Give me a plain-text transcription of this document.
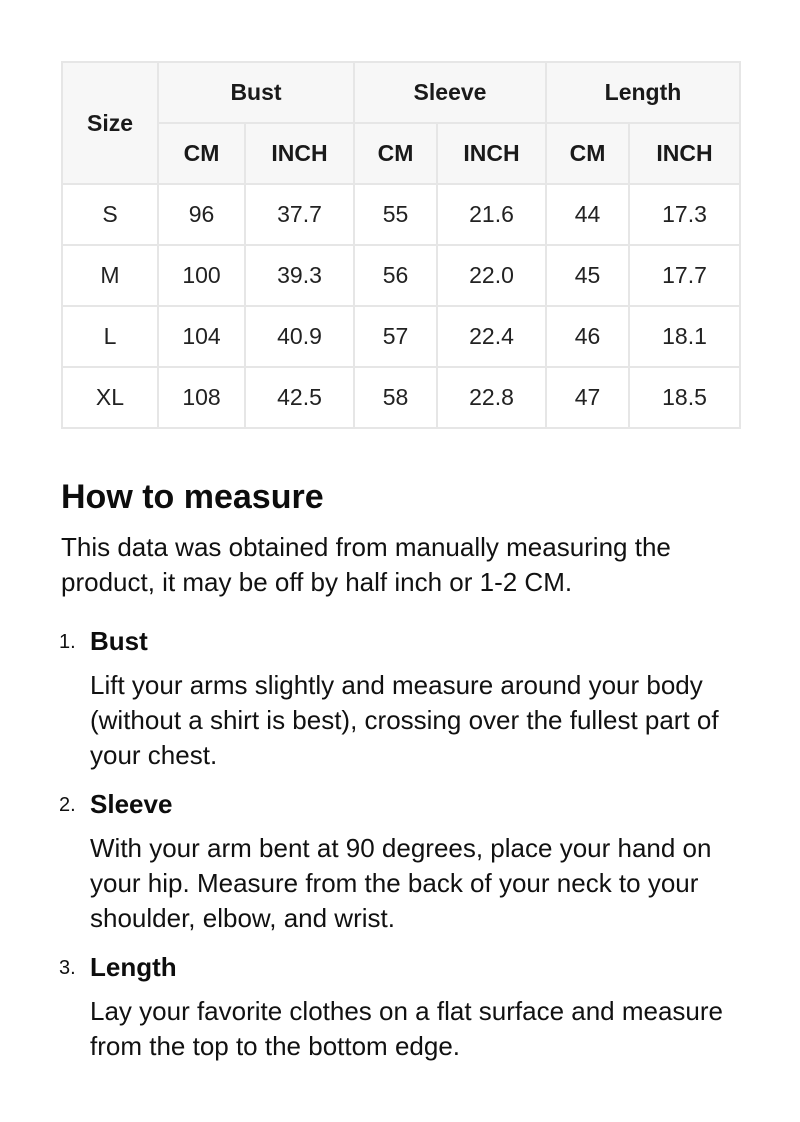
Size	Bust		Sleeve		Length	
	CM	INCH	CM	INCH	CM	INCH
S	96	37.7	55	21.6	44	17.3
M	100	39.3	56	22.0	45	17.7
L	104	40.9	57	22.4	46	18.1
XL	108	42.5	58	22.8	47	18.5
How to measure

This data was obtained from manually measuring the product, it may be off by half inch or 1-2 CM.

1. Bust
Lift your arms slightly and measure around your body (without a shirt is best), crossing over the fullest part of your chest.
2. Sleeve
With your arm bent at 90 degrees, place your hand on your hip. Measure from the back of your neck to your shoulder, elbow, and wrist.
3. Length
Lay your favorite clothes on a flat surface and measure from the top to the bottom edge.
